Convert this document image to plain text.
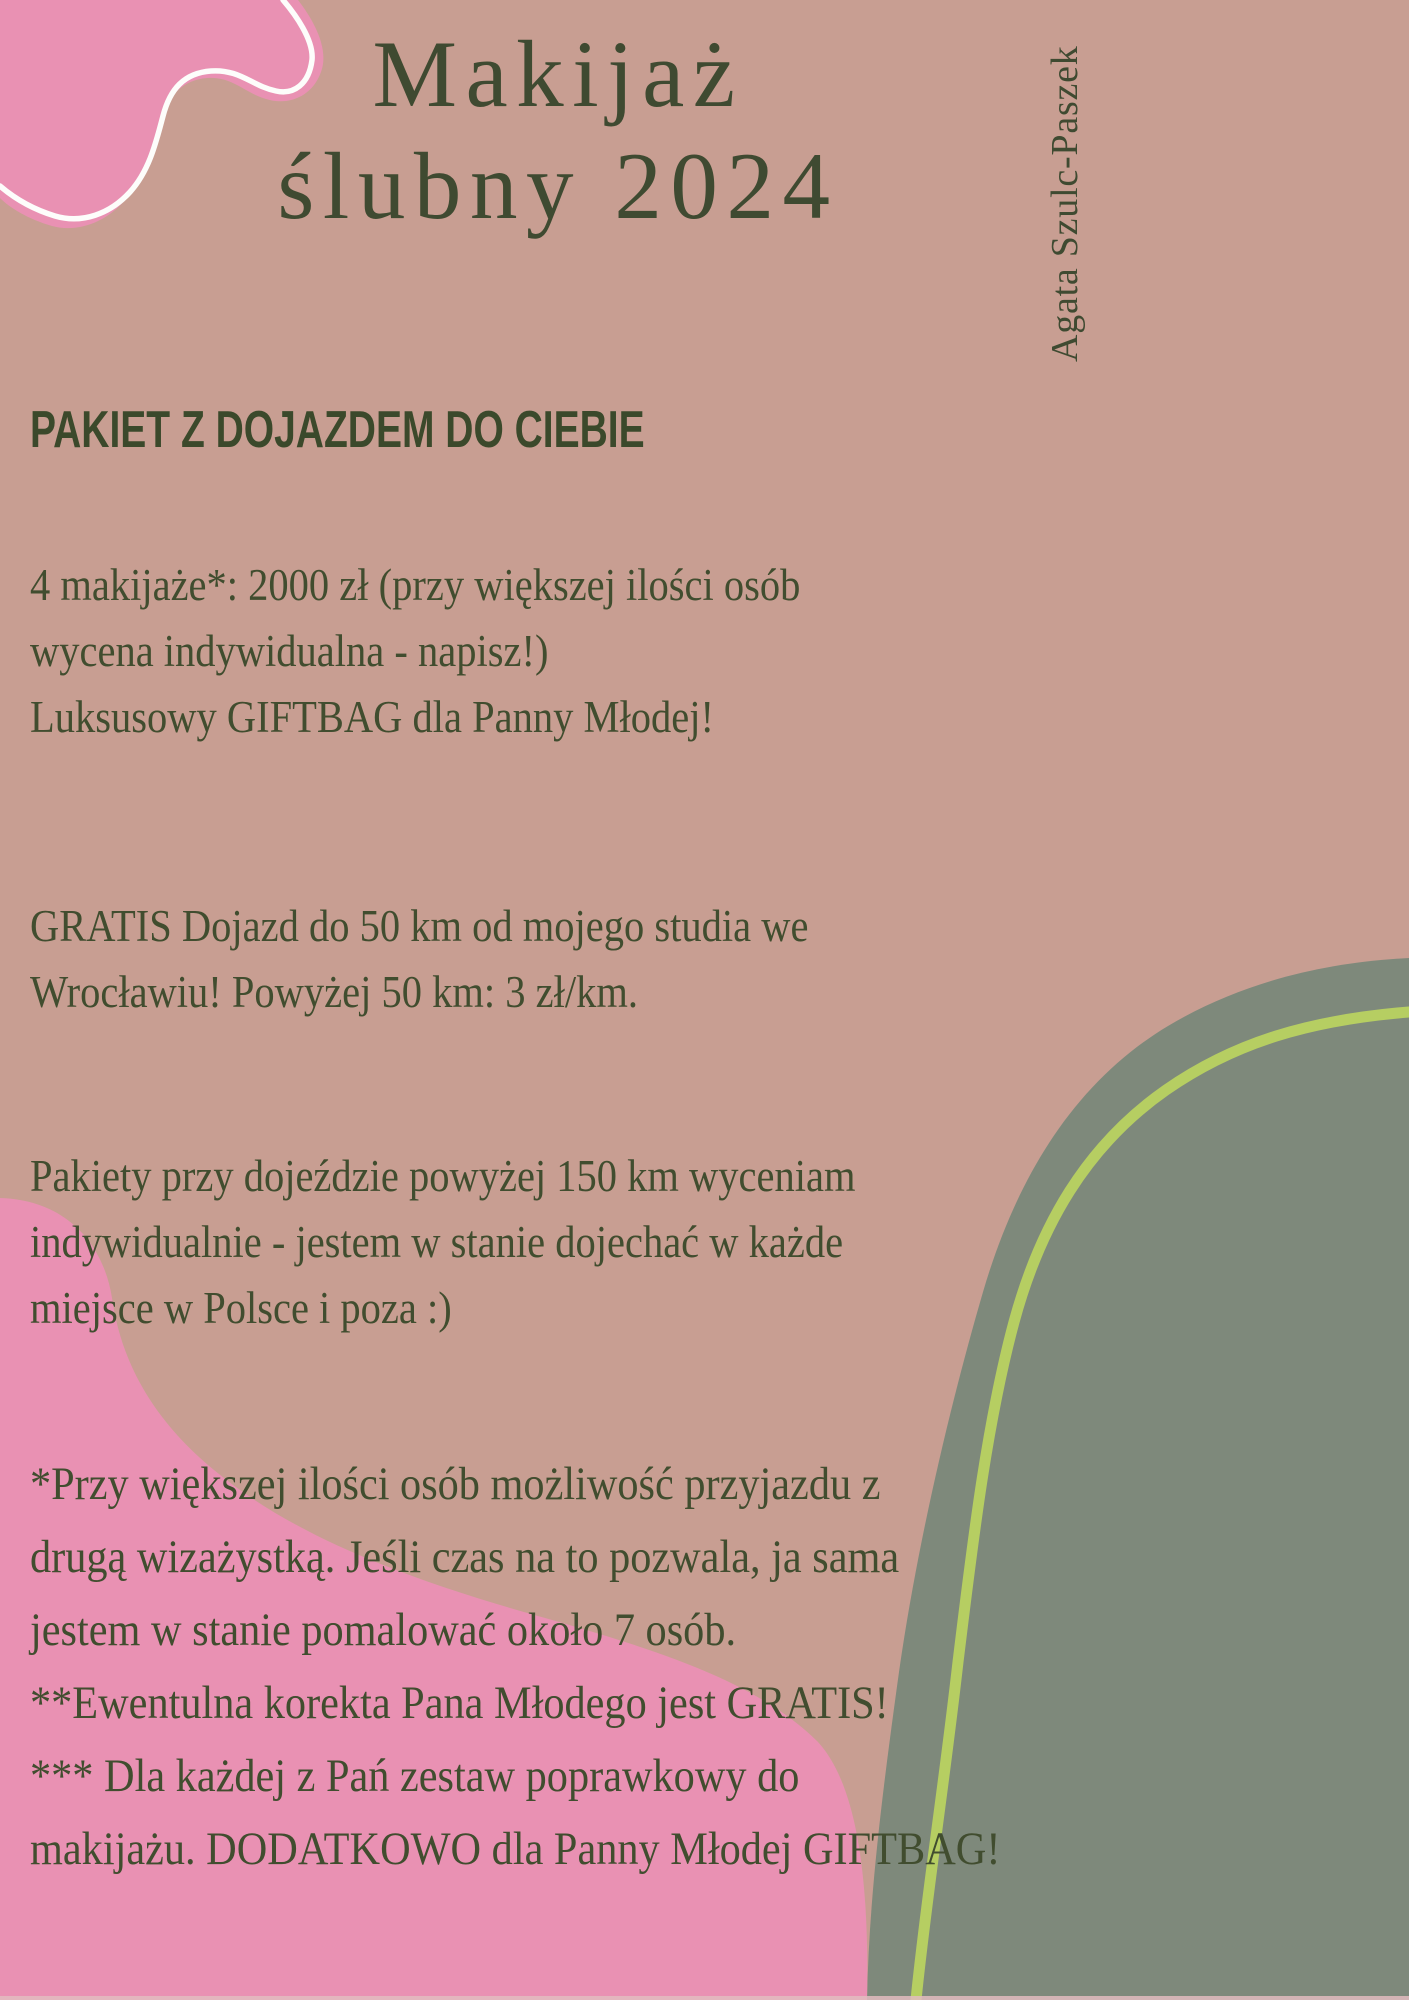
Makijaż
ślubny 2024	Agata Szulc-Paszek
PAKIET Z DOJAZDEM DO CIEBIE
4 makijaże*: 2000 zł (przy większej ilości osób
wycena indywidualna - napisz!)
Luksusowy GIFTBAG dla Panny Młodej!
GRATIS Dojazd do 50 km od mojego studia we
Wrocławiu! Powyżej 50 km: 3 zł/km.
Pakiety przy dojeździe powyżej 150 km wyceniam
indywidualnie - jestem w stanie dojechać w każde
miejsce w Polsce i poza :)
*Przy większej ilości osób możliwość przyjazdu z
drugą wizażystką. Jeśli czas na to pozwala, ja sama
jestem w stanie pomalować około 7 osób.
**Ewentulna korekta Pana Młodego jest GRATIS!
*** Dla każdej z Pań zestaw poprawkowy do
makijażu. DODATKOWO dla Panny Młodej GIFTBAG!
